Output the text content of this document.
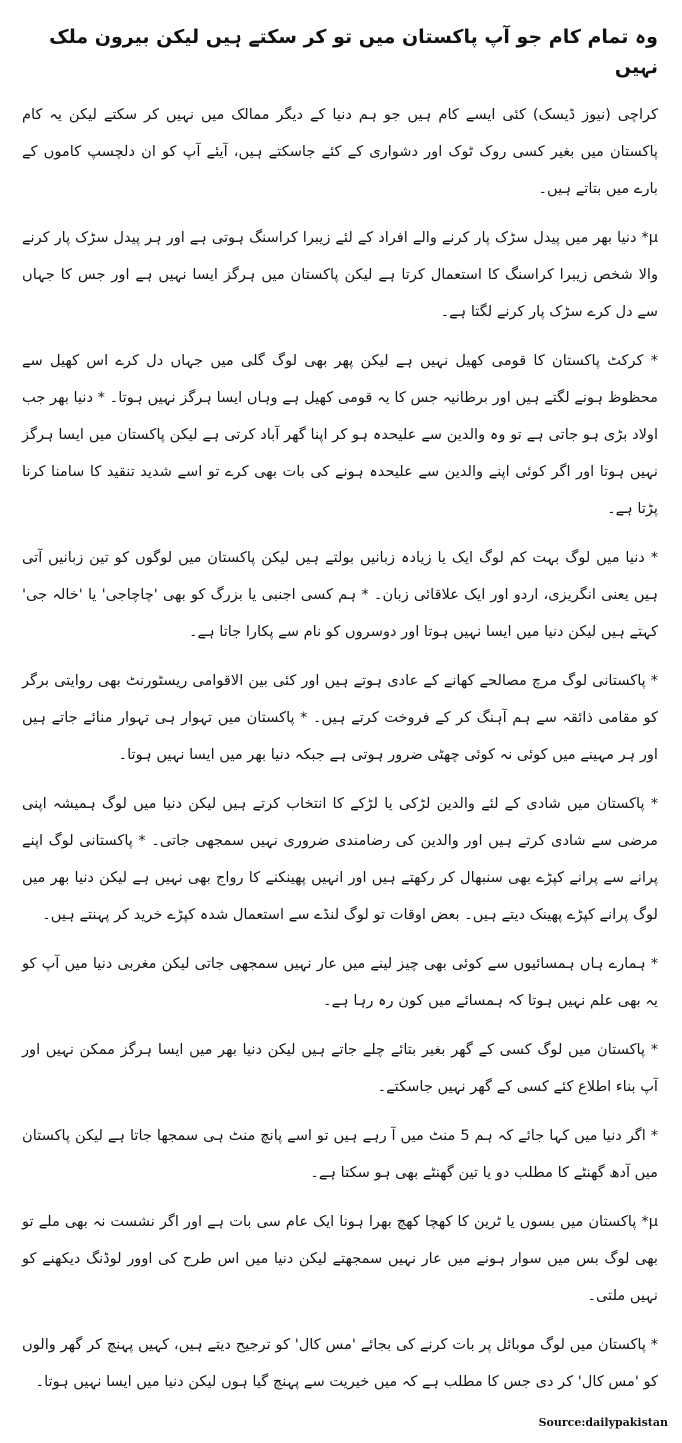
وہ تمام کام جو آپ پاکستان میں تو کر سکتے ہیں لیکن بیرون ملک نہیں

کراچی (نیوز ڈیسک) کئی ایسے کام ہیں جو ہم دنیا کے دیگر ممالک میں نہیں کر سکتے لیکن یہ کام پاکستان میں بغیر کسی روک ٹوک اور دشواری کے کئے جاسکتے ہیں، آیئے آپ کو ان دلچسپ کاموں کے بارے میں بتاتے ہیں۔

µ* دنیا بھر میں پیدل سڑک پار کرنے والے افراد کے لئے زیبرا کراسنگ ہوتی ہے اور ہر پیدل سڑک پار کرنے والا شخص زیبرا کراسنگ کا استعمال کرتا ہے لیکن پاکستان میں ہرگز ایسا نہیں ہے اور جس کا جہاں سے دل کرے سڑک پار کرنے لگتا ہے۔

* کرکٹ پاکستان کا قومی کھیل نہیں ہے لیکن پھر بھی لوگ گلی میں جہاں دل کرے اس کھیل سے محظوظ ہونے لگتے ہیں اور برطانیہ جس کا یہ قومی کھیل ہے وہاں ایسا ہرگز نہیں ہوتا۔ * دنیا بھر جب اولاد بڑی ہو جاتی ہے تو وہ والدین سے علیحدہ ہو کر اپنا گھر آباد کرتی ہے لیکن پاکستان میں ایسا ہرگز نہیں ہوتا اور اگر کوئی اپنے والدین سے علیحدہ ہونے کی بات بھی کرے تو اسے شدید تنقید کا سامنا کرنا پڑتا ہے۔

* دنیا میں لوگ بہت کم لوگ ایک یا زیادہ زبانیں بولتے ہیں لیکن پاکستان میں لوگوں کو تین زبانیں آتی ہیں یعنی انگریزی، اردو اور ایک علاقائی زبان۔ * ہم کسی اجنبی یا بزرگ کو بھی 'چاچاجی' یا 'خالہ جی' کہتے ہیں لیکن دنیا میں ایسا نہیں ہوتا اور دوسروں کو نام سے پکارا جاتا ہے۔

* پاکستانی لوگ مرچ مصالحے کھانے کے عادی ہوتے ہیں اور کئی بین الاقوامی ریسٹورنٹ بھی روایتی برگر کو مقامی ذائقہ سے ہم آہنگ کر کے فروخت کرتے ہیں۔ * پاکستان میں تہوار ہی تہوار منائے جاتے ہیں اور ہر مہینے میں کوئی نہ کوئی چھٹی ضرور ہوتی ہے جبکہ دنیا بھر میں ایسا نہیں ہوتا۔

* پاکستان میں شادی کے لئے والدین لڑکی یا لڑکے کا انتخاب کرتے ہیں لیکن دنیا میں لوگ ہمیشہ اپنی مرضی سے شادی کرتے ہیں اور والدین کی رضامندی ضروری نہیں سمجھی جاتی۔ * پاکستانی لوگ اپنے پرانے سے پرانے کپڑے بھی سنبھال کر رکھتے ہیں اور انہیں پھینکنے کا رواج بھی نہیں ہے لیکن دنیا بھر میں لوگ پرانے کپڑے پھینک دیتے ہیں۔ بعض اوقات تو لوگ لنڈے سے استعمال شدہ کپڑے خرید کر پہنتے ہیں۔

* ہمارے ہاں ہمسائیوں سے کوئی بھی چیز لینے میں عار نہیں سمجھی جاتی لیکن مغربی دنیا میں آپ کو یہ بھی علم نہیں ہوتا کہ ہمسائے میں کون رہ رہا ہے۔

* پاکستان میں لوگ کسی کے گھر بغیر بتائے چلے جاتے ہیں لیکن دنیا بھر میں ایسا ہرگز ممکن نہیں اور آپ بناء اطلاع کئے کسی کے گھر نہیں جاسکتے۔

* اگر دنیا میں کہا جائے کہ ہم 5 منٹ میں آ رہے ہیں تو اسے پانچ منٹ ہی سمجھا جاتا ہے لیکن پاکستان میں آدھ گھنٹے کا مطلب دو یا تین گھنٹے بھی ہو سکتا ہے۔

µ* پاکستان میں بسوں یا ٹرین کا کھچا کھچ بھرا ہونا ایک عام سی بات ہے اور اگر نشست نہ بھی ملے تو بھی لوگ بس میں سوار ہونے میں عار نہیں سمجھتے لیکن دنیا میں اس طرح کی اوور لوڈنگ دیکھنے کو نہیں ملتی۔

* پاکستان میں لوگ موبائل پر بات کرنے کی بجائے 'مس کال' کو ترجیح دیتے ہیں، کہیں پہنچ کر گھر والوں کو 'مس کال' کر دی جس کا مطلب ہے کہ میں خیریت سے پہنچ گیا ہوں لیکن دنیا میں ایسا نہیں ہوتا۔

Source:dailypakistan
